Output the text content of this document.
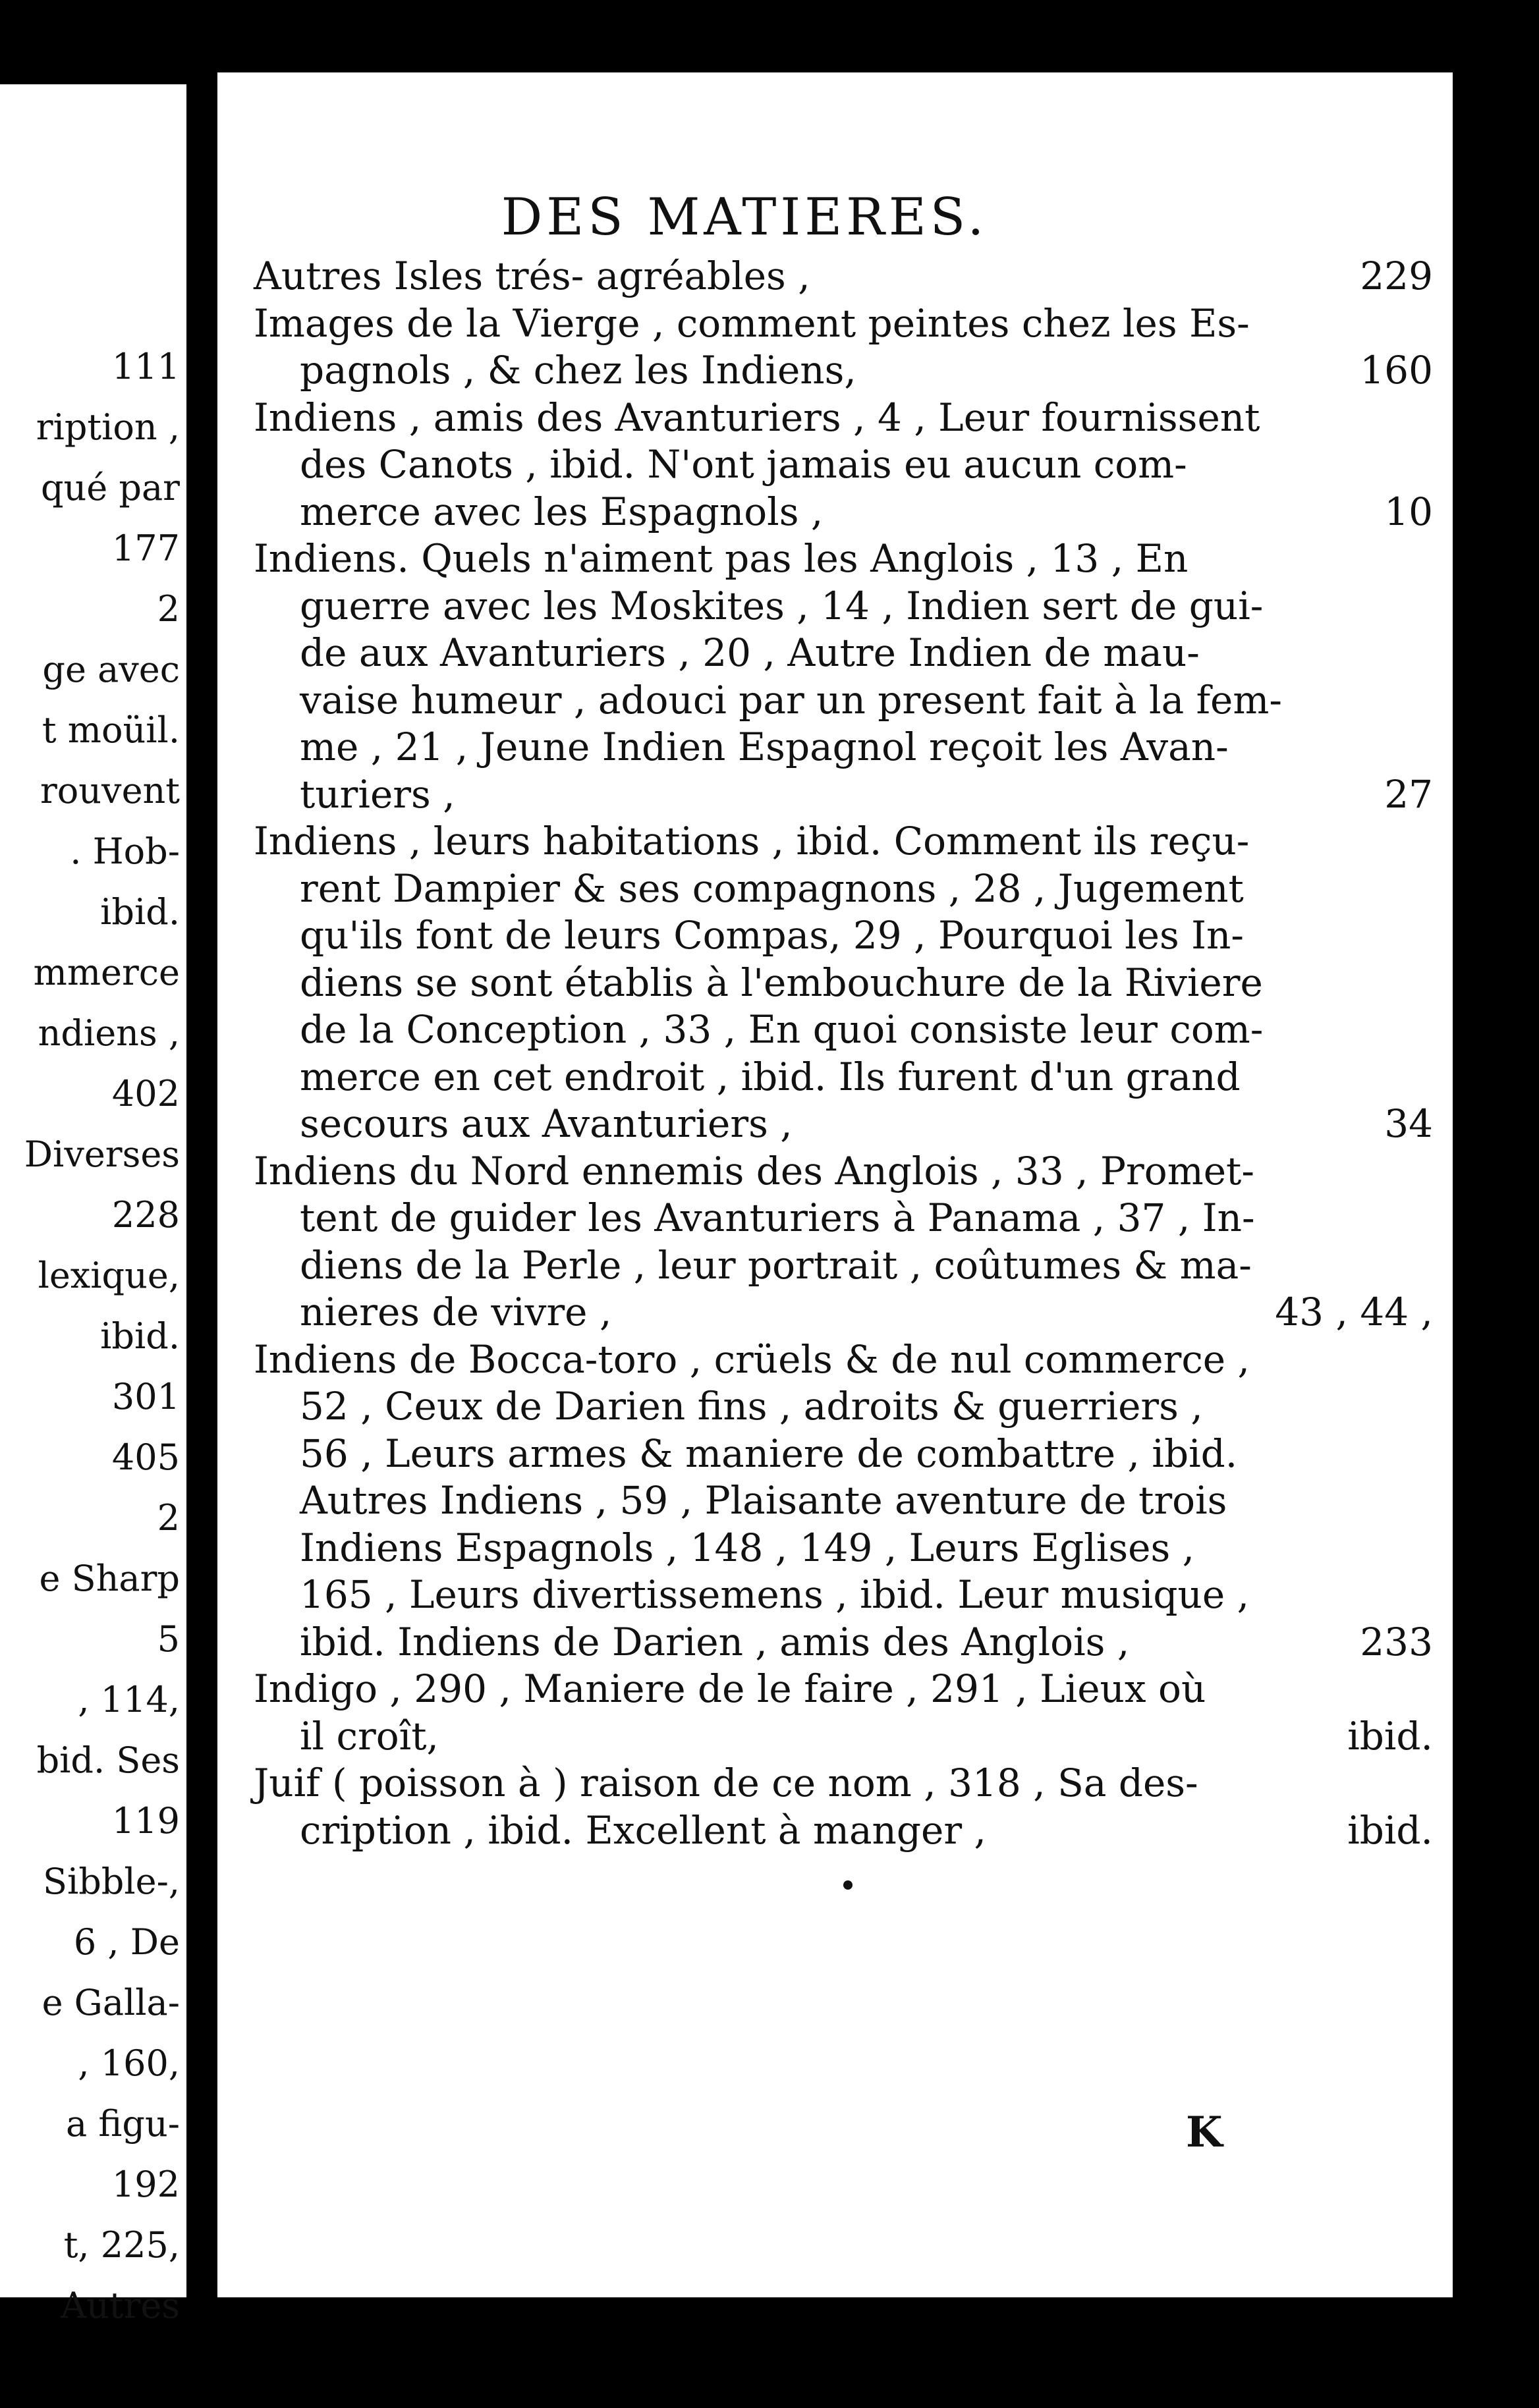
111
ription ,
qué par
177
2
ge avec
t moüil.
rouvent
. Hob-
ibid.
mmerce
ndiens ,
402
Diverses
228
lexique,
ibid.
301
405
2
e Sharp
5
, 114,
bid. Ses
119
Sibble-,
6 , De
e Galla-
, 160,
a figu-
192
t, 225,
Autres
DES MATIERES.
Autres Isles trés- agréables ,	229
Images de la Vierge , comment peintes chez les Es-
pagnols , & chez les Indiens,	160
Indiens , amis des Avanturiers , 4 , Leur fournissent
des Canots , ibid. N'ont jamais eu aucun com-
merce avec les Espagnols ,	10
Indiens. Quels n'aiment pas les Anglois , 13 , En
guerre avec les Moskites , 14 , Indien sert de gui-
de aux Avanturiers , 20 , Autre Indien de mau-
vaise humeur , adouci par un present fait à la fem-
me , 21 , Jeune Indien Espagnol reçoit les Avan-
turiers ,	27
Indiens , leurs habitations , ibid. Comment ils reçu-
rent Dampier & ses compagnons , 28 , Jugement
qu'ils font de leurs Compas, 29 , Pourquoi les In-
diens se sont établis à l'embouchure de la Riviere
de la Conception , 33 , En quoi consiste leur com-
merce en cet endroit , ibid. Ils furent d'un grand
secours aux Avanturiers ,	34
Indiens du Nord ennemis des Anglois , 33 , Promet-
tent de guider les Avanturiers à Panama , 37 , In-
diens de la Perle , leur portrait , coûtumes & ma-
nieres de vivre ,	43 , 44 ,
Indiens de Bocca-toro , crüels & de nul commerce ,
52 , Ceux de Darien fins , adroits & guerriers ,
56 , Leurs armes & maniere de combattre , ibid.
Autres Indiens , 59 , Plaisante aventure de trois
Indiens Espagnols , 148 , 149 , Leurs Eglises ,
165 , Leurs divertissemens , ibid. Leur musique ,
ibid. Indiens de Darien , amis des Anglois ,	233
Indigo , 290 , Maniere de le faire , 291 , Lieux où
il croît,	ibid.
Juif ( poisson à ) raison de ce nom , 318 , Sa des-
cription , ibid. Excellent à manger ,	ibid.
K
